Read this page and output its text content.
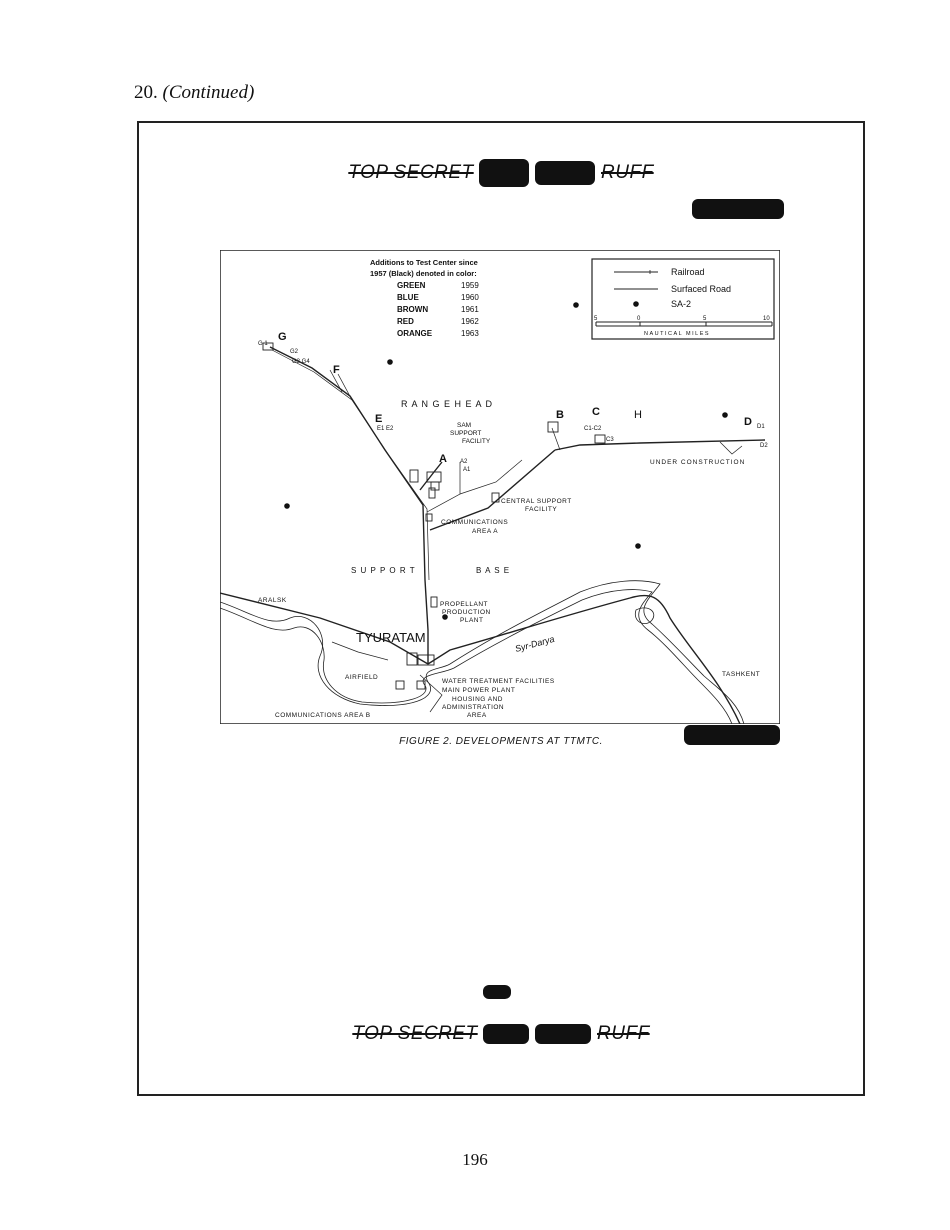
20. (Continued)
TOP SECRET	RUFF
Additions to Test Center since
1957 (Black) denoted in color:
GREEN	1959
BLUE	1960
BROWN	1961
RED	1962
ORANGE	1963
Railroad
Surfaced Road
SA-2
5	0	5	10
NAUTICAL MILES
G
G 1
G2
G3 G4
F
R A N G E H E A D
E
E1 E2	SAM
SUPPORT
FACILITY
B	C
C1-C2
C3
H
D D1
D2
UNDER CONSTRUCTION
A A2
A1
CENTRAL SUPPORT
FACILITY
COMMUNICATIONS
AREA A
S U P P O R T	B A S E
ARALSK
PROPELLANT
PRODUCTION
PLANT
TYURATAM	Syr-Darya
AIRFIELD	TASHKENT
WATER TREATMENT FACILITIES
MAIN POWER PLANT
HOUSING AND
ADMINISTRATION
AREA
COMMUNICATIONS AREA B
FIGURE 2. DEVELOPMENTS AT TTMTC.
TOP SECRET	RUFF
196
